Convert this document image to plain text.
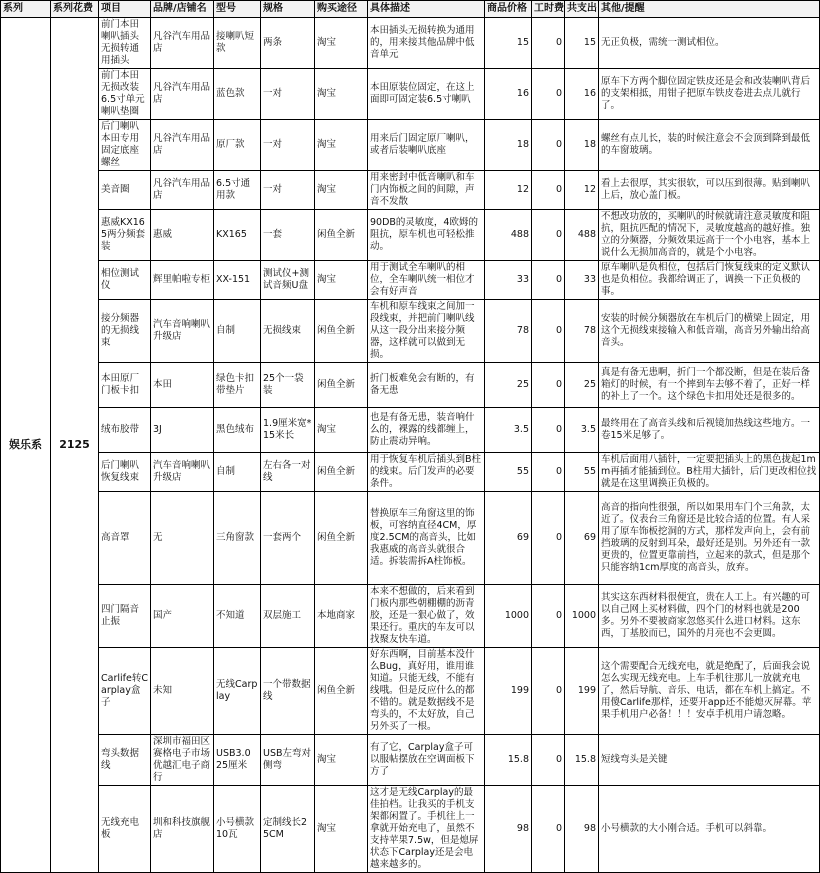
系列	系列花费	项目	品牌/店铺名	型号	规格	购买途径	具体描述	商品价格	工时费	共支出	其他/提醒
娱乐系	2125	前门本田喇叭插头无损转通用插头	凡谷汽车用品店	接喇叭短款	两条	淘宝	本田插头无损转换为通用的，用来接其他品牌中低音单元	15	0	15	无正负极，需统一测试相位。
		前门本田无损改装6.5寸单元喇叭垫圈	凡谷汽车用品店	蓝色款	一对	淘宝	本田原装位固定，在这上面即可固定装6.5寸喇叭	16	0	16	原车下方两个脚位固定铁皮还是会和改装喇叭背后的支架相抵，用钳子把原车铁皮卷进去点儿就行了。
		后门喇叭本田专用固定底座螺丝	凡谷汽车用品店	原厂款	一对	淘宝	用来后门固定原厂喇叭，或者后装喇叭底座	18	0	18	螺丝有点儿长，装的时候注意会不会顶到降到最低的车窗玻璃。
		美音圈	凡谷汽车用品店	6.5寸通用款	一对	淘宝	用来密封中低音喇叭和车门内饰板之间的间隙，声音不发散	12	0	12	看上去很厚，其实很软，可以压到很薄。贴到喇叭上后，放心盖门板。
		惠威KX165两分频套装	惠威	KX165	一套	闲鱼全新	90DB的灵敏度，4欧姆的阻抗，原车机也可轻松推动。	488	0	488	不想改功放的，买喇叭的时候就请注意灵敏度和阻抗，阻抗匹配的情况下，灵敏度越高的越好推。独立的分频器，分频效果远高于一个小电容，基本上说什么无损加高音的，就是个小电容。
		相位测试仪	辉里帕啦专柜	XX-151	测试仪+测试音频U盘	淘宝	用于测试全车喇叭的相位，全车喇叭统一相位才会有好声音	33	0	33	原车喇叭是负相位，包括后门恢复线束的定义默认也是负相位。我都给调正了，调换一下正负极的事。
		接分频器的无损线束	汽车音响喇叭升级店	自制	无损线束	闲鱼全新	车机和原车线束之间加一段线束，并把前门喇叭线从这一段分出来接分频器，这样就可以做到无损。	78	0	78	安装的时候分频器放在车机后门的横梁上固定，用这个无损线束接输入和低音端，高音另外输出给高音头。
		本田原厂门板卡扣	本田	绿色卡扣带垫片	25个一袋装	闲鱼全新	折门板难免会有断的，有备无患	25	0	25	真是有备无患啊，折门一个都没断，但是在装后备箱灯的时候，有一个摔到车去够不着了，正好一样的补上了一个。这个绿色卡扣用处还是很多的。
		绒布胶带	3J	黑色绒布	1.9厘米宽*15米长	淘宝	也是有备无患，装音响什么的，裸露的线都缠上，防止震动异响。	3.5	0	3.5	最终用在了高音头线和后视镜加热线这些地方。一卷15米足够了。
		后门喇叭恢复线束	汽车音响喇叭升级店	自制	左右各一对线	闲鱼全新	用于恢复车机后插头到B柱的线束。后门发声的必要条件。	55	0	55	车机后面用八插针，一定要把插头上的黑色拢起1mm再插才能插到位。B柱用大插针，后门更改相位找就是在这里调换正负极的。
		高音罩	无	三角窗款	一套两个	闲鱼全新	替换原车三角窗这里的饰板，可容纳直径4CM，厚度2.5CM的高音头，比如我惠威的高音头就很合适。拆装需拆A柱饰板。	69	0	69	高音的指向性很强，所以如果用车门个三角款，太近了。仪表台三角窗还是比较合适的位置。有人采用了原车饰板挖洞的方式，那样发声向上，会有前挡玻璃的反射到耳朵，最好还是别。另外还有一款更贵的，位置更靠前挡，立起来的款式，但是那个只能容纳1cm厚度的高音头，放弃。
		四门隔音止振	国产	不知道	双层施工	本地商家	本来不想做的，后来看到门板内那些朝棚棚的沥青胶，还是一狠心做了，效果还行。重庆的车友可以找聚友快车道。	1000	0	1000	其实这东西材料很便宜，贵在人工上。有兴趣的可以自己网上买材料做，四个门的材料也就是200多。另外不要被商家忽悠买什么进口材料。这东西，丁基胶而已，国外的月亮也不会更圆。
		Carlife转Carplay盒子	未知	无线Carplay	一个带数据线	闲鱼全新	好东西啊，目前基本没什么Bug，真好用，谁用谁知道。只能无线，不能有线哦。但是反应什么的都不错的。就是数据线不是弯头的，不太好放，自己另外买了一根。	199	0	199	这个需要配合无线充电，就是绝配了，后面我会说怎么实现无线充电。上车手机往那儿一放就充电了，然后导航、音乐、电话，都在车机上搞定。不用傻Carlife那样，还要开app还不能熄灭屏幕。苹果手机用户必备！！！安卓手机用户请忽略。
		弯头数据线	深圳市福田区赛格电子市场优越汇电子商行	USB3.0 25厘米	USB左弯对侧弯	淘宝	有了它，Carplay盒子可以服帖摆放在空调面板下方了	15.8	0	15.8	短线弯头是关键
		无线充电板	圳和科技旗舰店	小号横款10瓦	定制线长25CM	淘宝	这才是无线Carplay的最佳拍档。让我买的手机支架都闲置了。手机往上一拿就开始充电了，虽然不支持苹果7.5w，但是熄屏状态下Carplay还是会电越来越多的。	98	0	98	小号横款的大小刚合适。手机可以斜靠。
